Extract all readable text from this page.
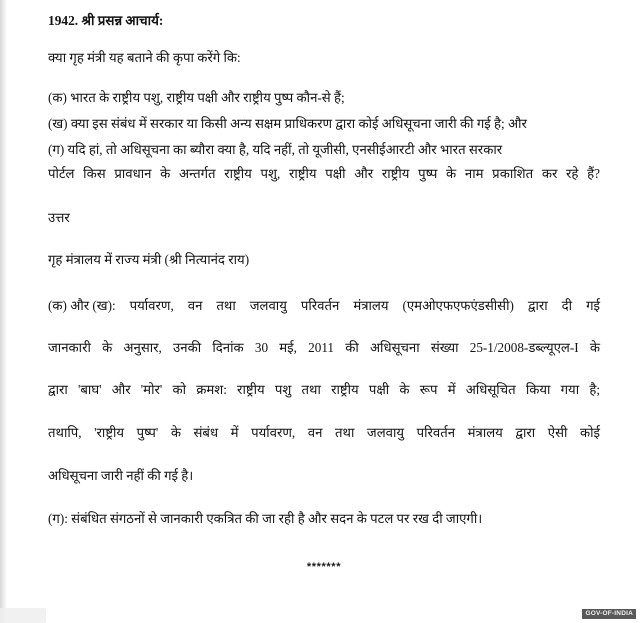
1942. श्री प्रसन्न आचार्य:
क्या गृह मंत्री यह बताने की कृपा करेंगे कि:
(क) भारत के राष्ट्रीय पशु, राष्ट्रीय पक्षी और राष्ट्रीय पुष्प कौन-से हैं;
(ख) क्या इस संबंध में सरकार या किसी अन्य सक्षम प्राधिकरण द्वारा कोई अधिसूचना जारी की गई है; और
(ग) यदि हां, तो अधिसूचना का ब्यौरा क्या है, यदि नहीं, तो यूजीसी, एनसीईआरटी और भारत सरकार
पोर्टल किस प्रावधान के अन्तर्गत राष्ट्रीय पशु, राष्ट्रीय पक्षी और राष्ट्रीय पुष्प के नाम प्रकाशित कर रहे हैं?
उत्तर
गृह मंत्रालय में राज्य मंत्री (श्री नित्यानंद राय)
(क) और (ख): पर्यावरण, वन तथा जलवायु परिवर्तन मंत्रालय (एमओएफएफएंडसीसी) द्वारा दी गई
जानकारी के अनुसार, उनकी दिनांक 30 मई, 2011 की अधिसूचना संख्या 25-1/2008-डब्ल्यूएल-I के
द्वारा 'बाघ' और 'मोर' को क्रमश: राष्ट्रीय पशु तथा राष्ट्रीय पक्षी के रूप में अधिसूचित किया गया है;
तथापि, 'राष्ट्रीय पुष्प' के संबंध में पर्यावरण, वन तथा जलवायु परिवर्तन मंत्रालय द्वारा ऐसी कोई
अधिसूचना जारी नहीं की गई है।
(ग): संबंधित संगठनों से जानकारी एकत्रित की जा रही है और सदन के पटल पर रख दी जाएगी।
*******
GOV-OF-INDIA
